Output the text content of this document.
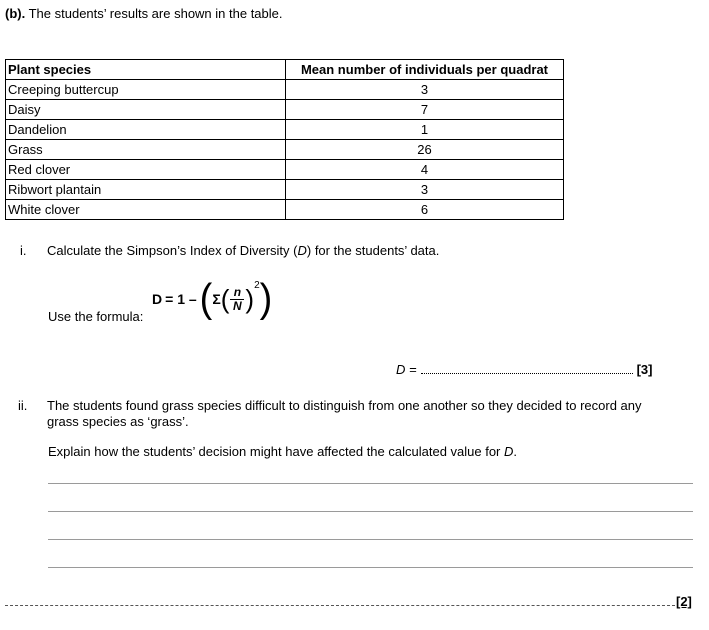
(b). The students’ results are shown in the table.
Plant species	Mean number of individuals per quadrat
Creeping buttercup	3
Daisy	7
Dandelion	1
Grass	26
Red clover	4
Ribwort plantain	3
White clover	6
i. Calculate the Simpson’s Index of Diversity (D) for the students’ data.
D = 1 – ( Σ ( $\frac{n}{N}$ ) 2 )
Use the formula:
D =	[3]
ii. The students found grass species difficult to distinguish from one another so they decided to record any
grass species as ‘grass’.
Explain how the students’ decision might have affected the calculated value for D.
[2]
